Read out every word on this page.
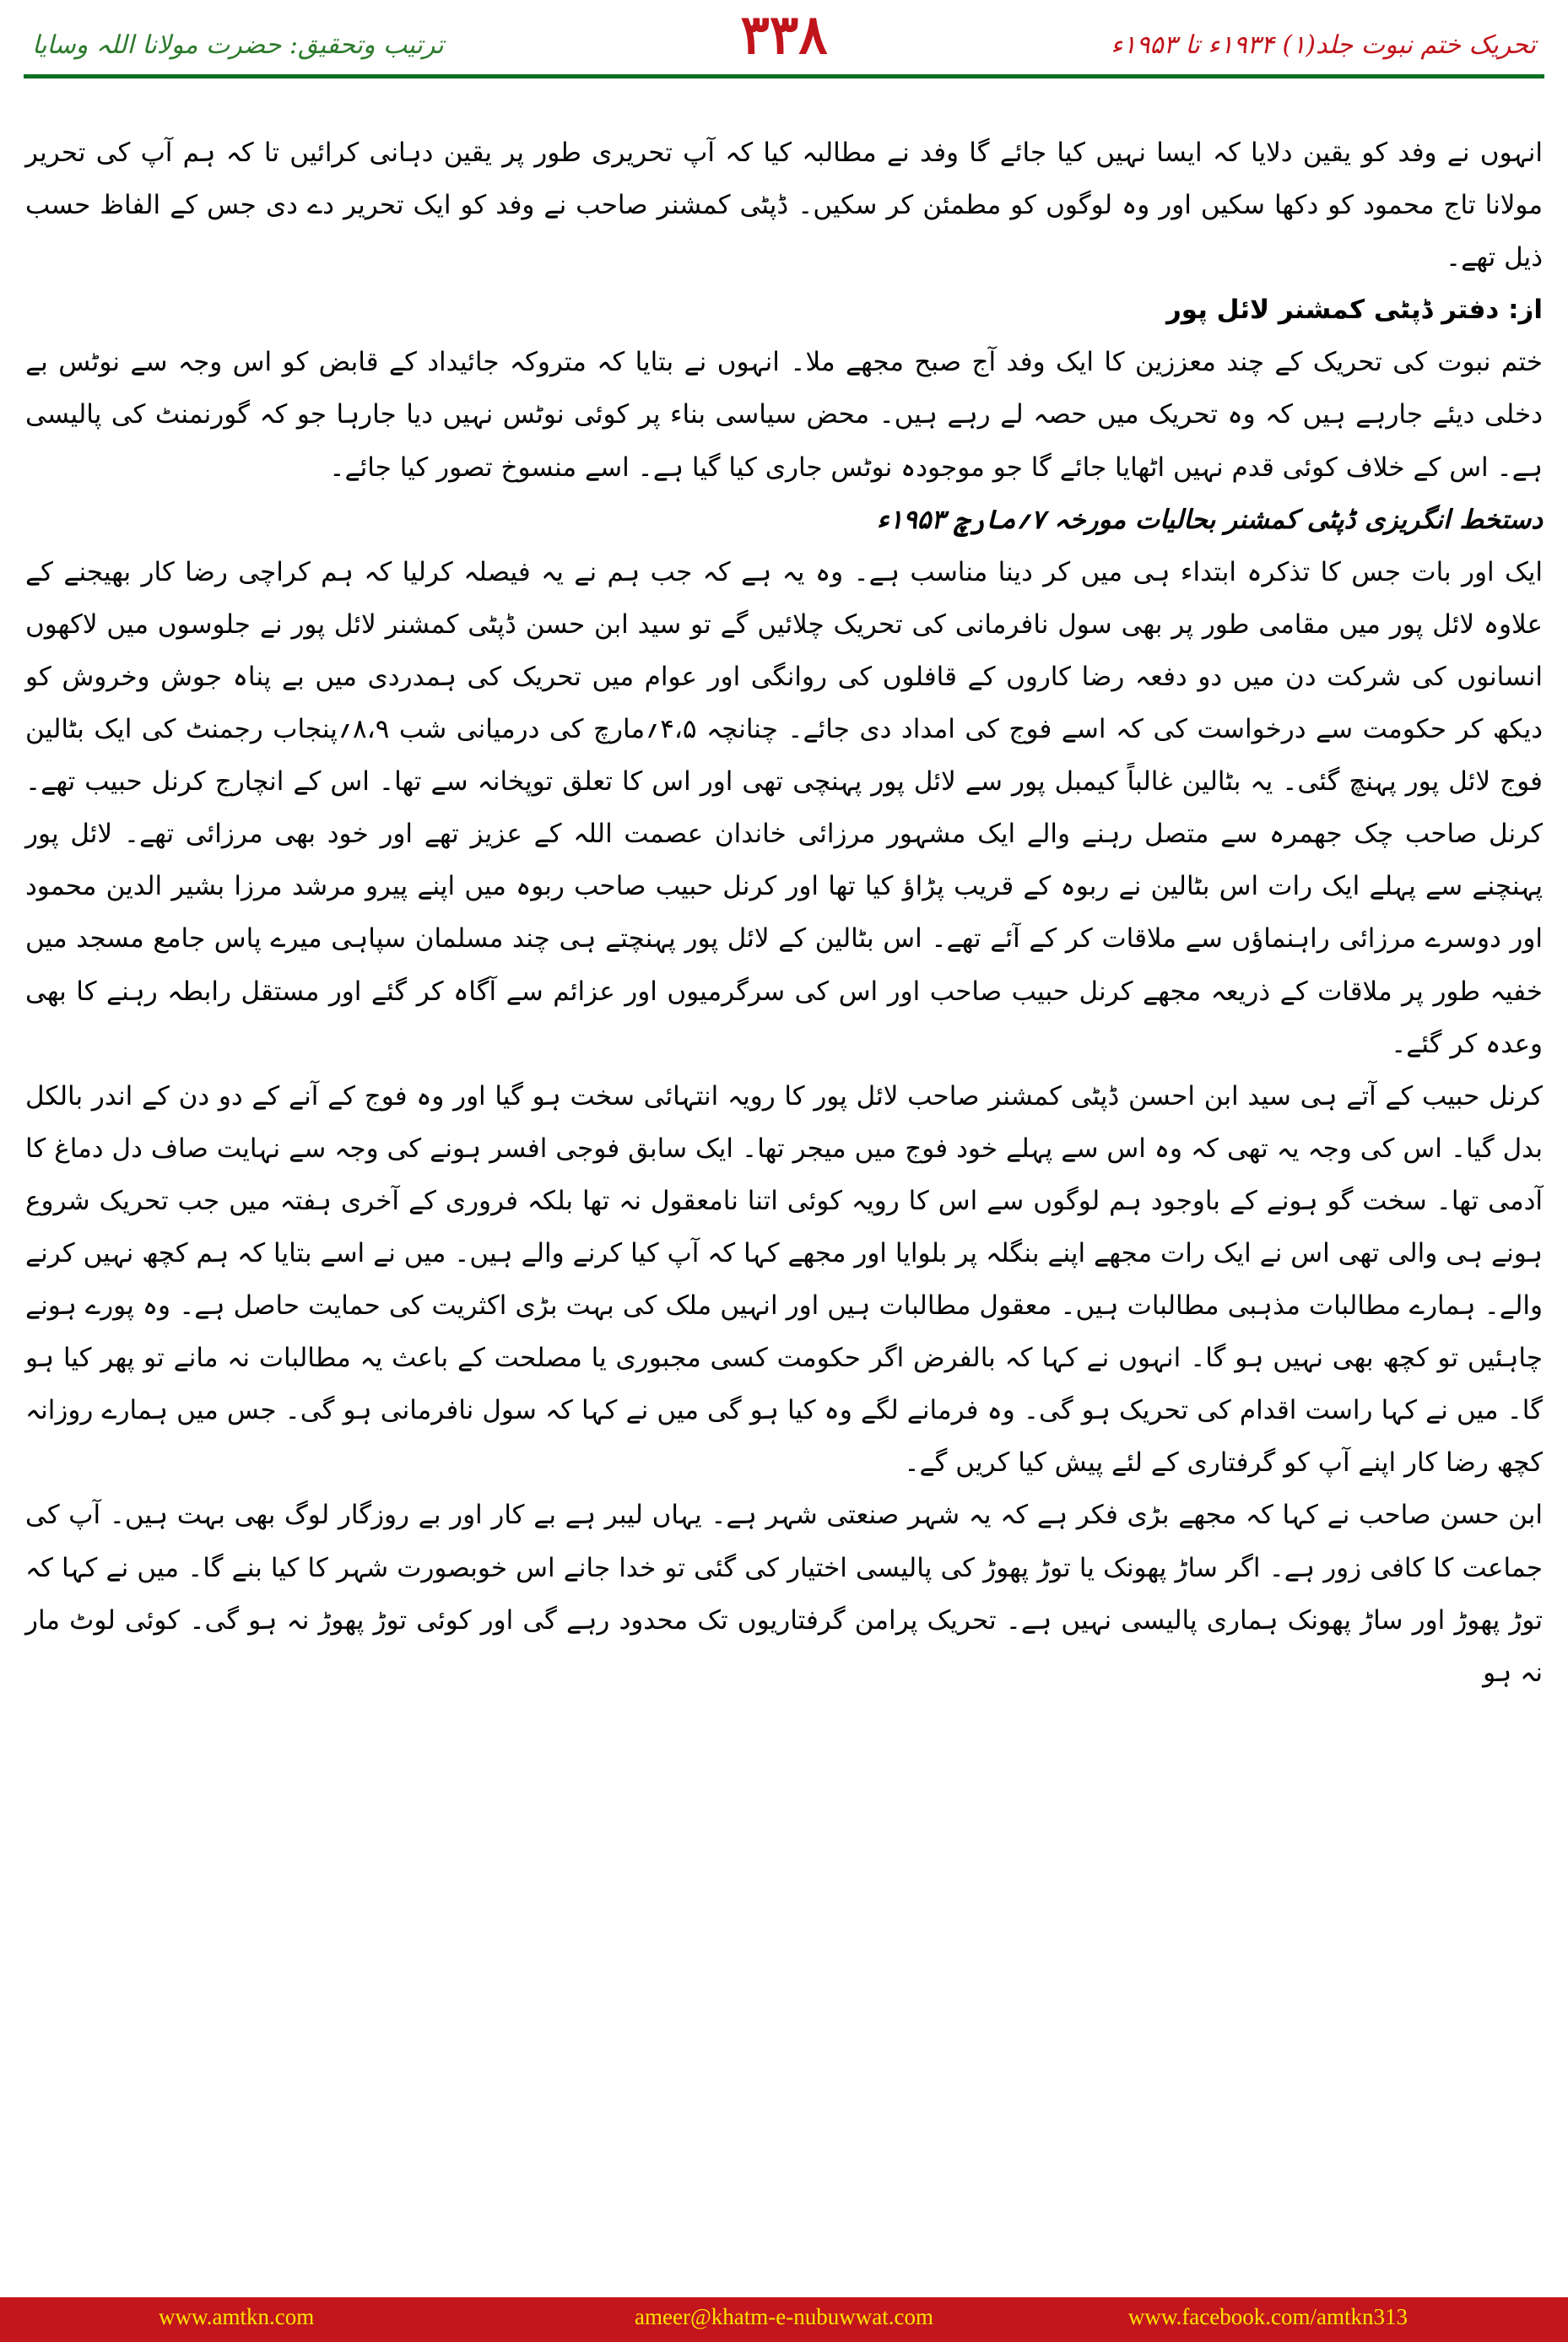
ترتیب وتحقیق: حضرت مولانا اللہ وسایا	۳۳۸	تحریک ختم نبوت جلد(۱) ۱۹۳۴ء تا ۱۹۵۳ء

انہوں نے وفد کو یقین دلایا کہ ایسا نہیں کیا جائے گا وفد نے مطالبہ کیا کہ آپ تحریری طور پر یقین دہانی کرائیں تا کہ ہم آپ کی تحریر مولانا تاج محمود کو دکھا سکیں اور وہ لوگوں کو مطمئن کر سکیں۔ ڈپٹی کمشنر صاحب نے وفد کو ایک تحریر دے دی جس کے الفاظ حسب ذیل تھے۔

از: دفتر ڈپٹی کمشنر لائل پور

ختم نبوت کی تحریک کے چند معززین کا ایک وفد آج صبح مجھے ملا۔ انہوں نے بتایا کہ متروکہ جائیداد کے قابض کو اس وجہ سے نوٹس بے دخلی دیئے جارہے ہیں کہ وہ تحریک میں حصہ لے رہے ہیں۔ محض سیاسی بناء پر کوئی نوٹس نہیں دیا جارہا جو کہ گورنمنٹ کی پالیسی ہے۔ اس کے خلاف کوئی قدم نہیں اٹھایا جائے گا جو موجودہ نوٹس جاری کیا گیا ہے۔ اسے منسوخ تصور کیا جائے۔

دستخط انگریزی ڈپٹی کمشنر بحالیات مورخہ ۷؍مارچ ۱۹۵۳ء

ایک اور بات جس کا تذکرہ ابتداء ہی میں کر دینا مناسب ہے۔ وہ یہ ہے کہ جب ہم نے یہ فیصلہ کرلیا کہ ہم کراچی رضا کار بھیجنے کے علاوہ لائل پور میں مقامی طور پر بھی سول نافرمانی کی تحریک چلائیں گے تو سید ابن حسن ڈپٹی کمشنر لائل پور نے جلوسوں میں لاکھوں انسانوں کی شرکت دن میں دو دفعہ رضا کاروں کے قافلوں کی روانگی اور عوام میں تحریک کی ہمدردی میں بے پناہ جوش وخروش کو دیکھ کر حکومت سے درخواست کی کہ اسے فوج کی امداد دی جائے۔ چنانچہ ۴،۵؍مارچ کی درمیانی شب ۸،۹؍پنجاب رجمنٹ کی ایک بٹالین فوج لائل پور پہنچ گئی۔ یہ بٹالین غالباً کیمبل پور سے لائل پور پہنچی تھی اور اس کا تعلق توپخانہ سے تھا۔ اس کے انچارج کرنل حبیب تھے۔ کرنل صاحب چک جھمرہ سے متصل رہنے والے ایک مشہور مرزائی خاندان عصمت اللہ کے عزیز تھے اور خود بھی مرزائی تھے۔ لائل پور پہنچنے سے پہلے ایک رات اس بٹالین نے ربوہ کے قریب پڑاؤ کیا تھا اور کرنل حبیب صاحب ربوہ میں اپنے پیرو مرشد مرزا بشیر الدین محمود اور دوسرے مرزائی راہنماؤں سے ملاقات کر کے آئے تھے۔ اس بٹالین کے لائل پور پہنچتے ہی چند مسلمان سپاہی میرے پاس جامع مسجد میں خفیہ طور پر ملاقات کے ذریعہ مجھے کرنل حبیب صاحب اور اس کی سرگرمیوں اور عزائم سے آگاہ کر گئے اور مستقل رابطہ رہنے کا بھی وعدہ کر گئے۔

کرنل حبیب کے آتے ہی سید ابن احسن ڈپٹی کمشنر صاحب لائل پور کا رویہ انتہائی سخت ہو گیا اور وہ فوج کے آنے کے دو دن کے اندر بالکل بدل گیا۔ اس کی وجہ یہ تھی کہ وہ اس سے پہلے خود فوج میں میجر تھا۔ ایک سابق فوجی افسر ہونے کی وجہ سے نہایت صاف دل دماغ کا آدمی تھا۔ سخت گو ہونے کے باوجود ہم لوگوں سے اس کا رویہ کوئی اتنا نامعقول نہ تھا بلکہ فروری کے آخری ہفتہ میں جب تحریک شروع ہونے ہی والی تھی اس نے ایک رات مجھے اپنے بنگلہ پر بلوایا اور مجھے کہا کہ آپ کیا کرنے والے ہیں۔ میں نے اسے بتایا کہ ہم کچھ نہیں کرنے والے۔ ہمارے مطالبات مذہبی مطالبات ہیں۔ معقول مطالبات ہیں اور انہیں ملک کی بہت بڑی اکثریت کی حمایت حاصل ہے۔ وہ پورے ہونے چاہئیں تو کچھ بھی نہیں ہو گا۔ انہوں نے کہا کہ بالفرض اگر حکومت کسی مجبوری یا مصلحت کے باعث یہ مطالبات نہ مانے تو پھر کیا ہو گا۔ میں نے کہا راست اقدام کی تحریک ہو گی۔ وہ فرمانے لگے وہ کیا ہو گی میں نے کہا کہ سول نافرمانی ہو گی۔ جس میں ہمارے روزانہ کچھ رضا کار اپنے آپ کو گرفتاری کے لئے پیش کیا کریں گے۔

ابن حسن صاحب نے کہا کہ مجھے بڑی فکر ہے کہ یہ شہر صنعتی شہر ہے۔ یہاں لیبر ہے بے کار اور بے روزگار لوگ بھی بہت ہیں۔ آپ کی جماعت کا کافی زور ہے۔ اگر ساڑ پھونک یا توڑ پھوڑ کی پالیسی اختیار کی گئی تو خدا جانے اس خوبصورت شہر کا کیا بنے گا۔ میں نے کہا کہ توڑ پھوڑ اور ساڑ پھونک ہماری پالیسی نہیں ہے۔ تحریک پرامن گرفتاریوں تک محدود رہے گی اور کوئی توڑ پھوڑ نہ ہو گی۔ کوئی لوٹ مار نہ ہو

www.amtkn.com	ameer@khatm-e-nubuwwat.com	www.facebook.com/amtkn313
